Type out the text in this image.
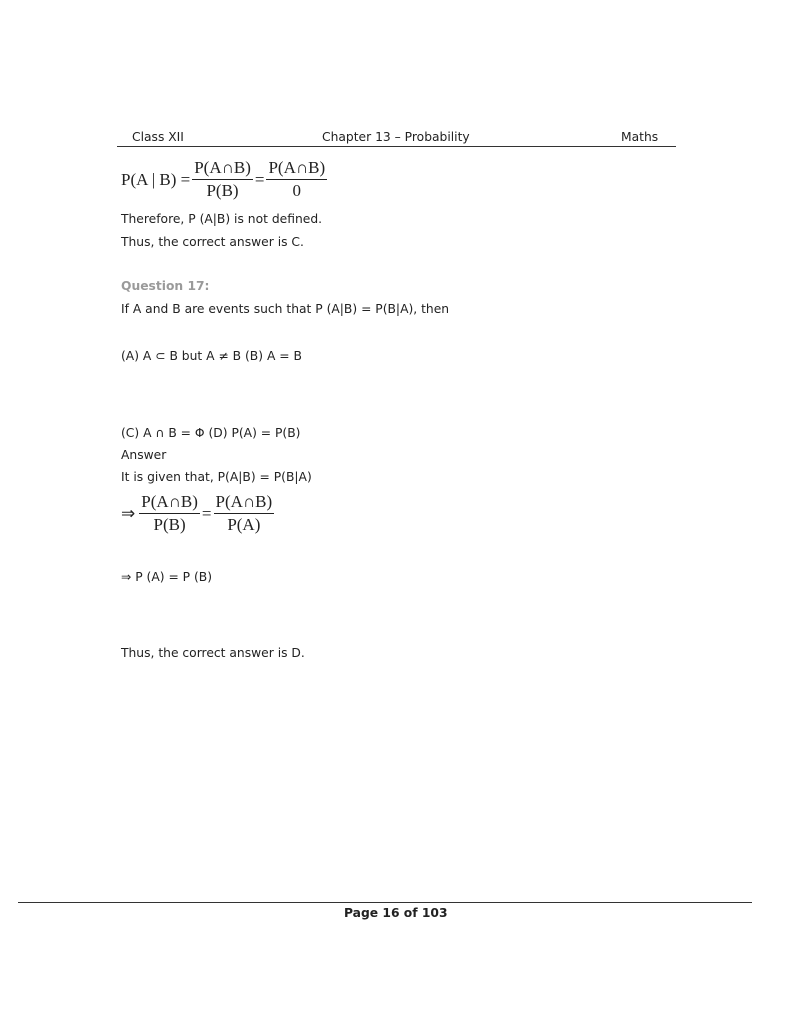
Class XII	Chapter 13 – Probability	Maths
P(A | $B) = \frac{P(A\cap B)}{P(B)} = \frac{P(A\cap B)}{0}$
Therefore, P (A|B) is not defined.
Thus, the correct answer is C.
Question 17:
If A and B are events such that P (A|B) = P(B|A), then
(A) A ⊂ B but A ≠ B (B) A = B
(C) A ∩ B = Φ (D) P(A) = P(B)
Answer
It is given that, P(A|B) = P(B|A)
⇒ $\frac{P(A\cap B)}{P(B)} = \frac{P(A\cap B)}{P(A)}$
⇒ P (A) = P (B)
Thus, the correct answer is D.
Page 16 of 103
